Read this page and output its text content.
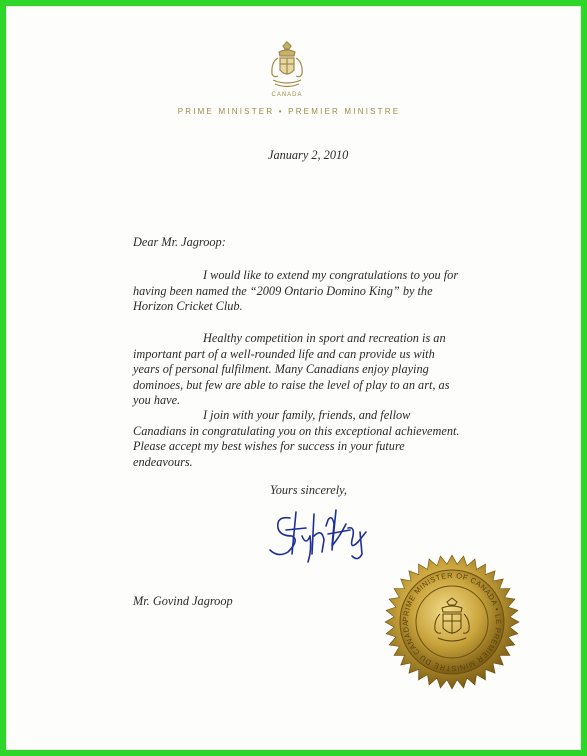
CANADA
PRIME MINISTER • PREMIER MINISTRE

January 2, 2010

Dear Mr. Jagroop:

I would like to extend my congratulations to you for having been named the “2009 Ontario Domino King” by the Horizon Cricket Club.

Healthy competition in sport and recreation is an important part of a well-rounded life and can provide us with years of personal fulfilment. Many Canadians enjoy playing dominoes, but few are able to raise the level of play to an art, as you have.

I join with your family, friends, and fellow Canadians in congratulating you on this exceptional achievement. Please accept my best wishes for success in your future endeavours.

Yours sincerely,

Mr. Govind Jagroop

PRIME MINISTER OF CANADA • LE PREMIER MINISTRE DU CANADA
